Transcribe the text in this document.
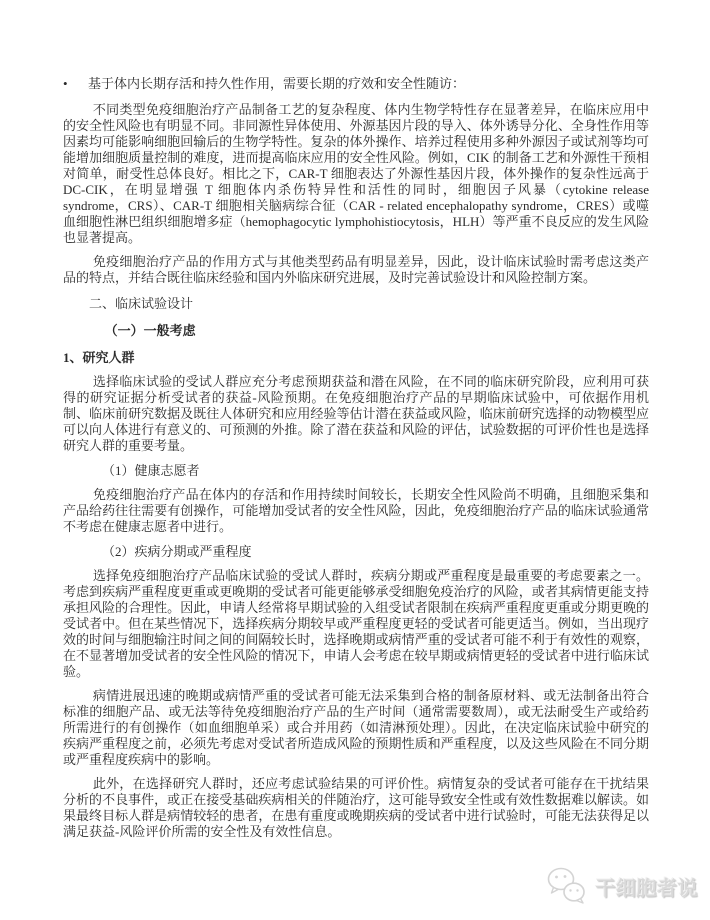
•	基于体内长期存活和持久性作用，需要长期的疗效和安全性随访：
不同类型免疫细胞治疗产品制备工艺的复杂程度、体内生物学特性存在显著差异，在临床应用中的安全性风险也有明显不同。非同源性异体使用、外源基因片段的导入、体外诱导分化、全身性作用等因素均可能影响细胞回输后的生物学特性。复杂的体外操作、培养过程使用多种外源因子或试剂等均可能增加细胞质量控制的难度，进而提高临床应用的安全性风险。例如，CIK 的制备工艺和外源性干预相对简单，耐受性总体良好。相比之下，CAR-T 细胞表达了外源性基因片段，体外操作的复杂性远高于 DC-CIK，在明显增强 T 细胞体内杀伤特异性和活性的同时，细胞因子风暴（cytokine release syndrome，CRS）、CAR-T 细胞相关脑病综合征（CAR - related encephalopathy syndrome，CRES）或噬血细胞性淋巴组织细胞增多症（hemophagocytic lymphohistiocytosis，HLH）等严重不良反应的发生风险也显著提高。
免疫细胞治疗产品的作用方式与其他类型药品有明显差异，因此，设计临床试验时需考虑这类产品的特点，并结合既往临床经验和国内外临床研究进展，及时完善试验设计和风险控制方案。
二、临床试验设计
（一）一般考虑
1、研究人群
选择临床试验的受试人群应充分考虑预期获益和潜在风险，在不同的临床研究阶段，应利用可获得的研究证据分析受试者的获益-风险预期。在免疫细胞治疗产品的早期临床试验中，可依据作用机制、临床前研究数据及既往人体研究和应用经验等估计潜在获益或风险，临床前研究选择的动物模型应可以向人体进行有意义的、可预测的外推。除了潜在获益和风险的评估，试验数据的可评价性也是选择研究人群的重要考量。
（1）健康志愿者
免疫细胞治疗产品在体内的存活和作用持续时间较长，长期安全性风险尚不明确，且细胞采集和产品给药往往需要有创操作，可能增加受试者的安全性风险，因此，免疫细胞治疗产品的临床试验通常不考虑在健康志愿者中进行。
（2）疾病分期或严重程度
选择免疫细胞治疗产品临床试验的受试人群时，疾病分期或严重程度是最重要的考虑要素之一。考虑到疾病严重程度更重或更晚期的受试者可能更能够承受细胞免疫治疗的风险，或者其病情更能支持承担风险的合理性。因此，申请人经常将早期试验的入组受试者限制在疾病严重程度更重或分期更晚的受试者中。但在某些情况下，选择疾病分期较早或严重程度更轻的受试者可能更适当。例如，当出现疗效的时间与细胞输注时间之间的间隔较长时，选择晚期或病情严重的受试者可能不利于有效性的观察，在不显著增加受试者的安全性风险的情况下，申请人会考虑在较早期或病情更轻的受试者中进行临床试验。
病情进展迅速的晚期或病情严重的受试者可能无法采集到合格的制备原材料、或无法制备出符合标准的细胞产品、或无法等待免疫细胞治疗产品的生产时间（通常需要数周），或无法耐受生产或给药所需进行的有创操作（如血细胞单采）或合并用药（如清淋预处理）。因此，在决定临床试验中研究的疾病严重程度之前，必须先考虑对受试者所造成风险的预期性质和严重程度，以及这些风险在不同分期或严重程度疾病中的影响。
此外，在选择研究人群时，还应考虑试验结果的可评价性。病情复杂的受试者可能存在干扰结果分析的不良事件，或正在接受基础疾病相关的伴随治疗，这可能导致安全性或有效性数据难以解读。如果最终目标人群是病情较轻的患者，在患有重度或晚期疾病的受试者中进行试验时，可能无法获得足以满足获益-风险评价所需的安全性及有效性信息。
干细胞者说
